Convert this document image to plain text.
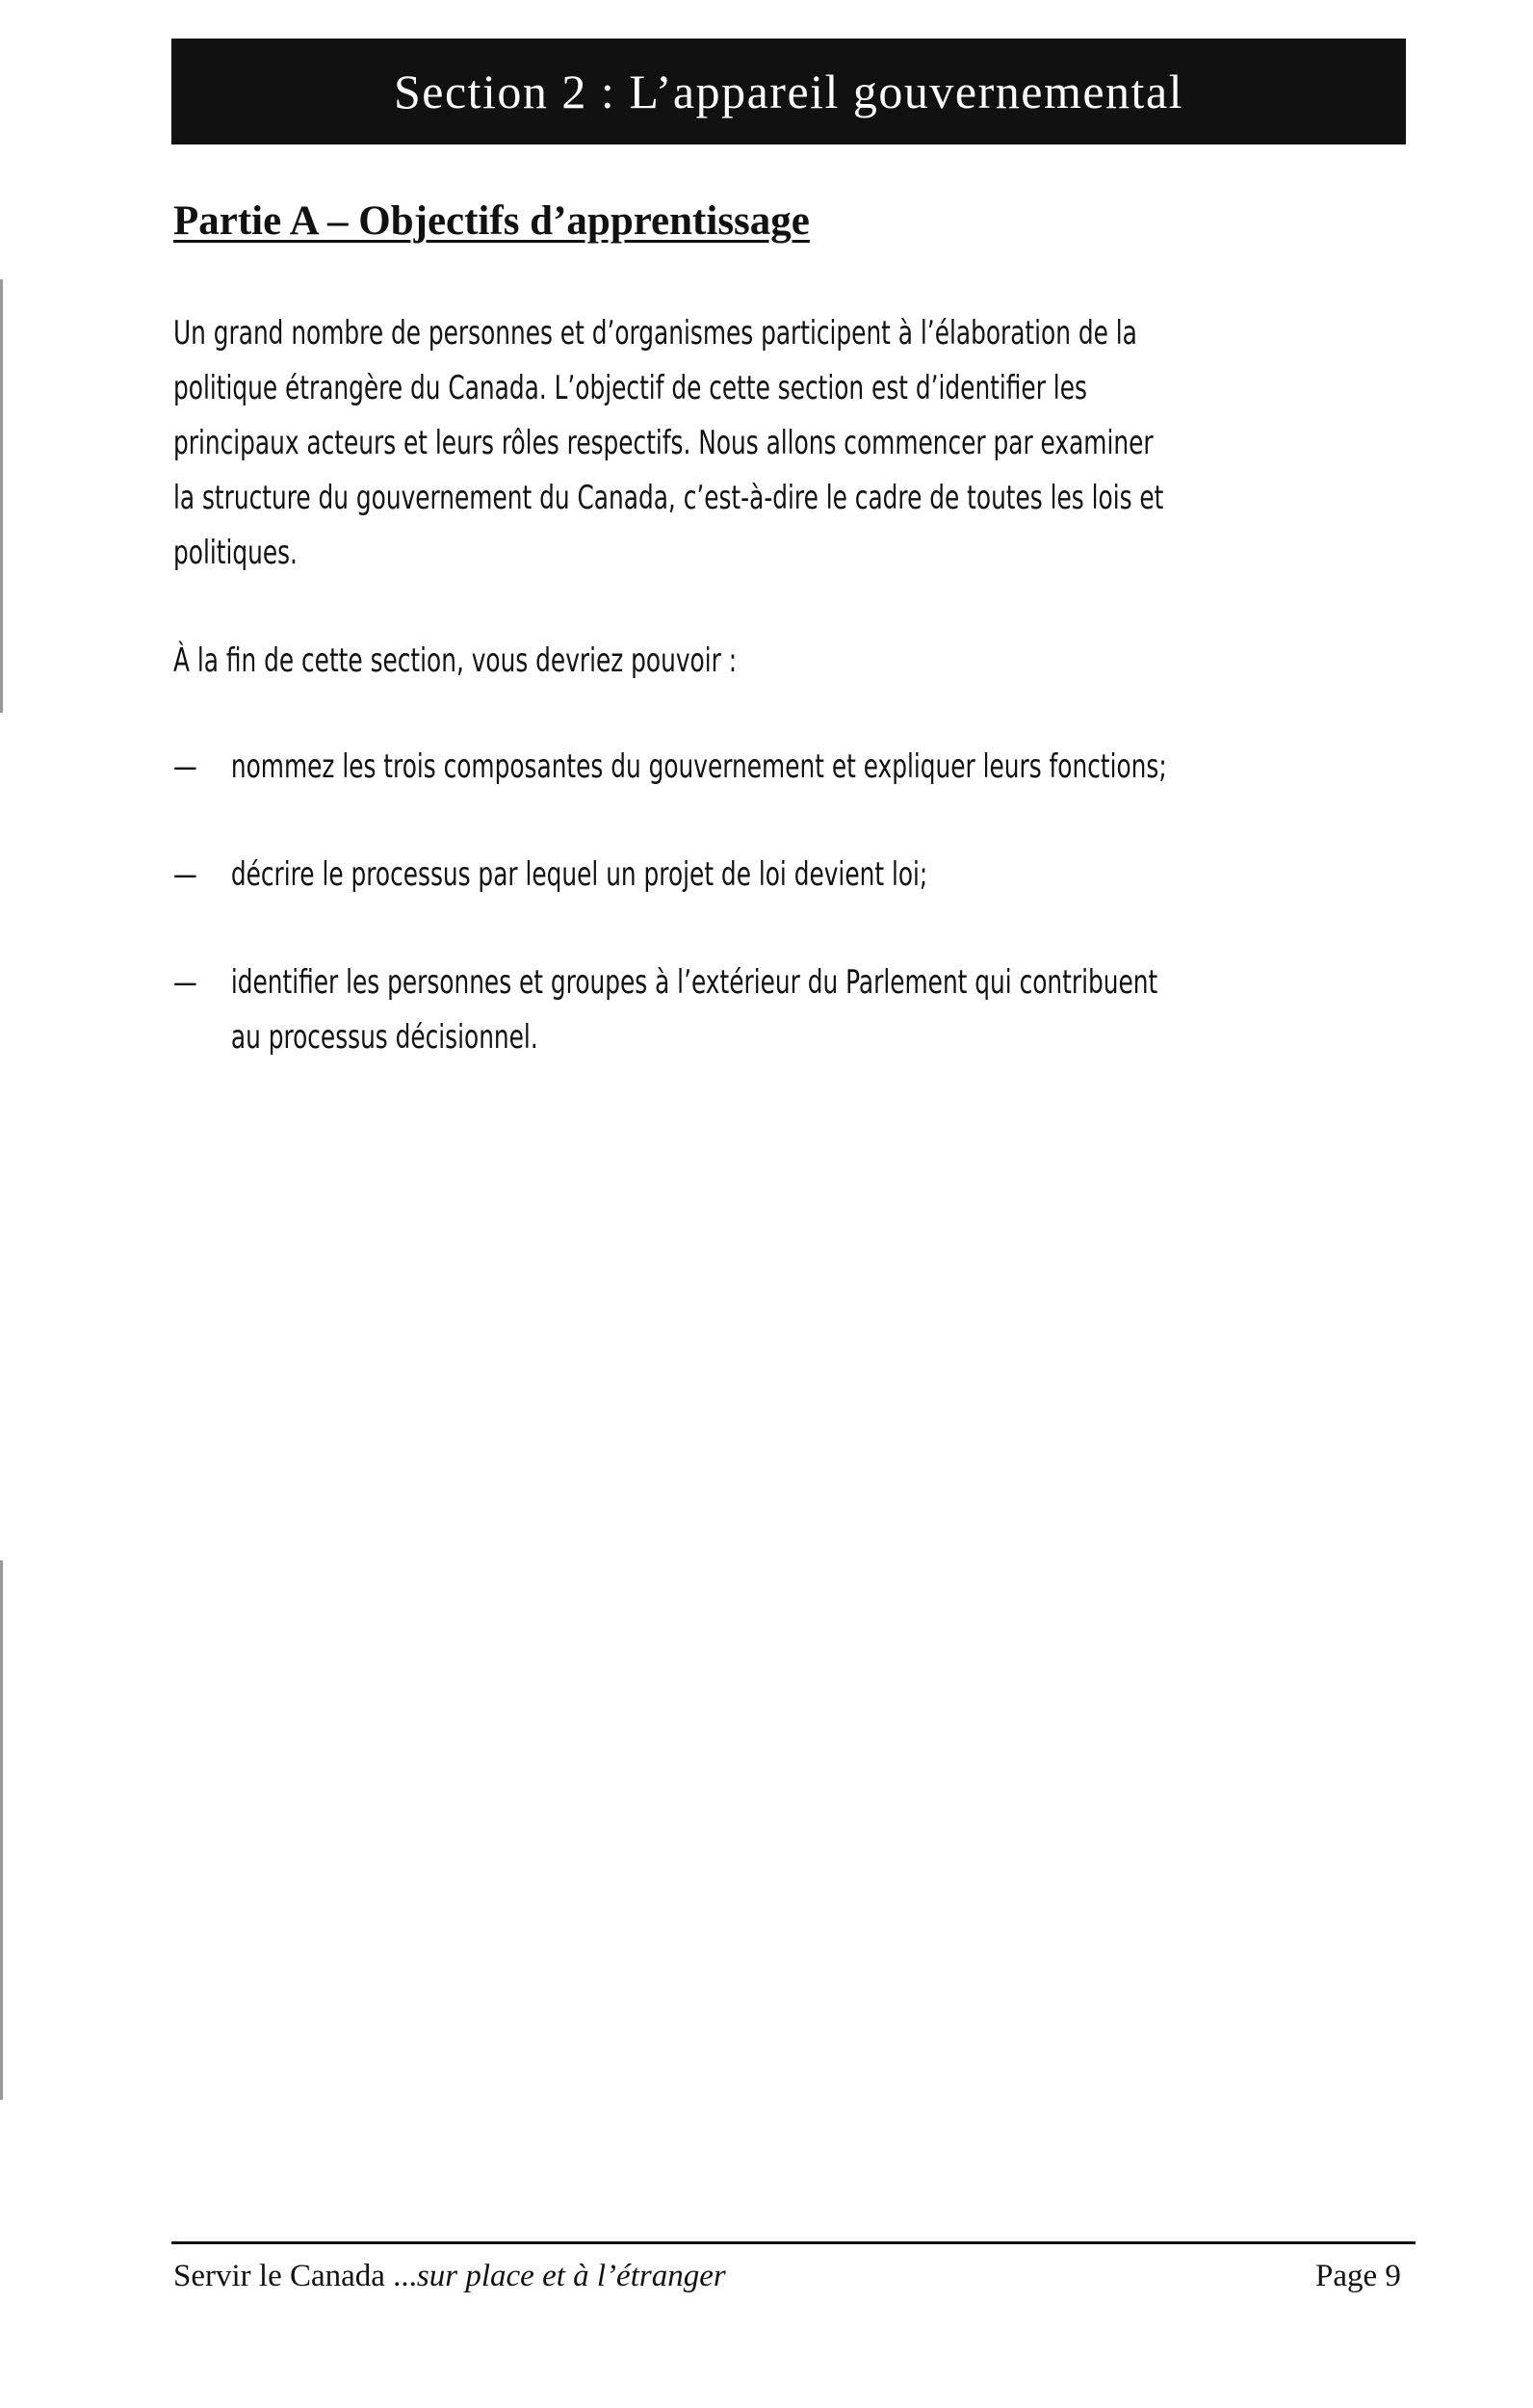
Section 2 : L’appareil gouvernemental
Partie A – Objectifs d’apprentissage
Un grand nombre de personnes et d’organismes participent à l’élaboration de la
politique étrangère du Canada. L’objectif de cette section est d’identifier les
principaux acteurs et leurs rôles respectifs. Nous allons commencer par examiner
la structure du gouvernement du Canada, c’est-à-dire le cadre de toutes les lois et
politiques.
À la fin de cette section, vous devriez pouvoir :
— nommez les trois composantes du gouvernement et expliquer leurs fonctions;
— décrire le processus par lequel un projet de loi devient loi;
— identifier les personnes et groupes à l’extérieur du Parlement qui contribuent
au processus décisionnel.
Servir le Canada ...sur place et à l’étranger	Page 9
